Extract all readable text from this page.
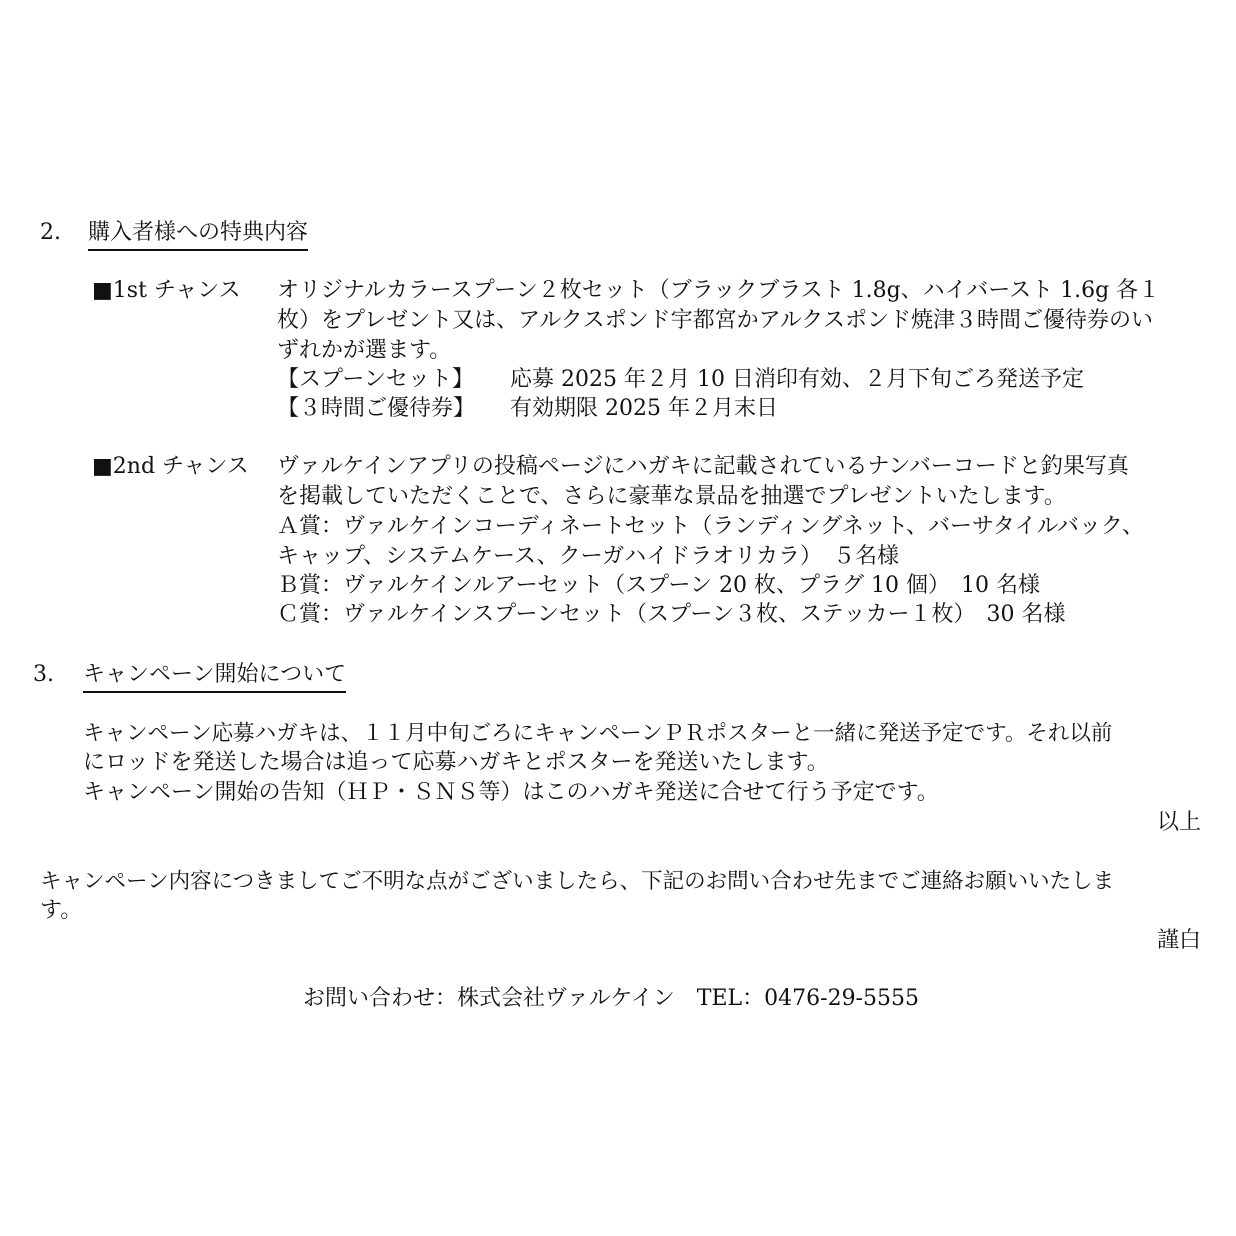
2. 購入者様への特典内容
■1st チャンス オリジナルカラースプーン２枚セット（ブラックブラスト 1.8g、ハイバースト 1.6g 各１
枚）をプレゼント又は、アルクスポンド宇都宮かアルクスポンド焼津３時間ご優待券のい
ずれかが選ます。
【スプーンセット】 応募 2025 年２月 10 日消印有効、２月下旬ごろ発送予定
【３時間ご優待券】 有効期限 2025 年２月末日
■2nd チャンス ヴァルケインアプリの投稿ページにハガキに記載されているナンバーコードと釣果写真
を掲載していただくことで、さらに豪華な景品を抽選でプレゼントいたします。
Ａ賞：ヴァルケインコーディネートセット（ランディングネット、バーサタイルバック、
キャップ、システムケース、クーガハイドラオリカラ）　５名様
Ｂ賞：ヴァルケインルアーセット（スプーン 20 枚、プラグ 10 個）　10 名様
Ｃ賞：ヴァルケインスプーンセット（スプーン３枚、ステッカー１枚）　30 名様
3. キャンペーン開始について
キャンペーン応募ハガキは、１１月中旬ごろにキャンペーンＰＲポスターと一緒に発送予定です。それ以前
にロッドを発送した場合は追って応募ハガキとポスターを発送いたします。
キャンペーン開始の告知（ＨＰ・ＳＮＳ等）はこのハガキ発送に合せて行う予定です。
以上
キャンペーン内容につきましてご不明な点がございましたら、下記のお問い合わせ先までご連絡お願いいたしま
す。
謹白
お問い合わせ：株式会社ヴァルケイン　TEL：0476-29-5555
